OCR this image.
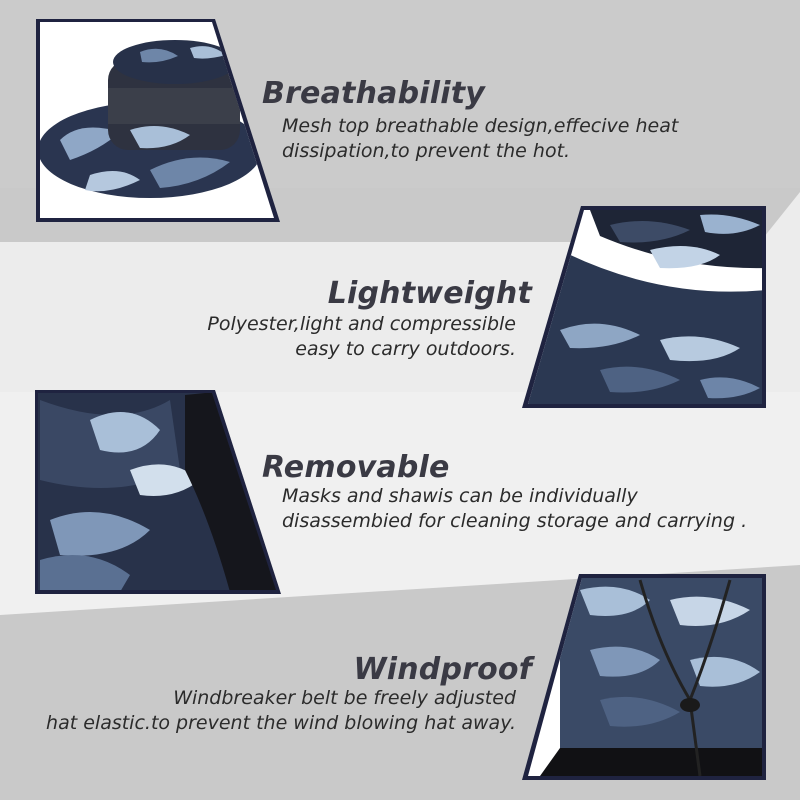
Breathability
Mesh top breathable design,effecive heat
dissipation,to prevent the hot.
Lightweight
Polyester,light and compressible
easy to carry outdoors.
Removable
Masks and shawis can be individually
disassembied for cleaning storage and carrying .
Windproof
Windbreaker belt be freely adjusted
hat elastic.to prevent the wind blowing hat away.
